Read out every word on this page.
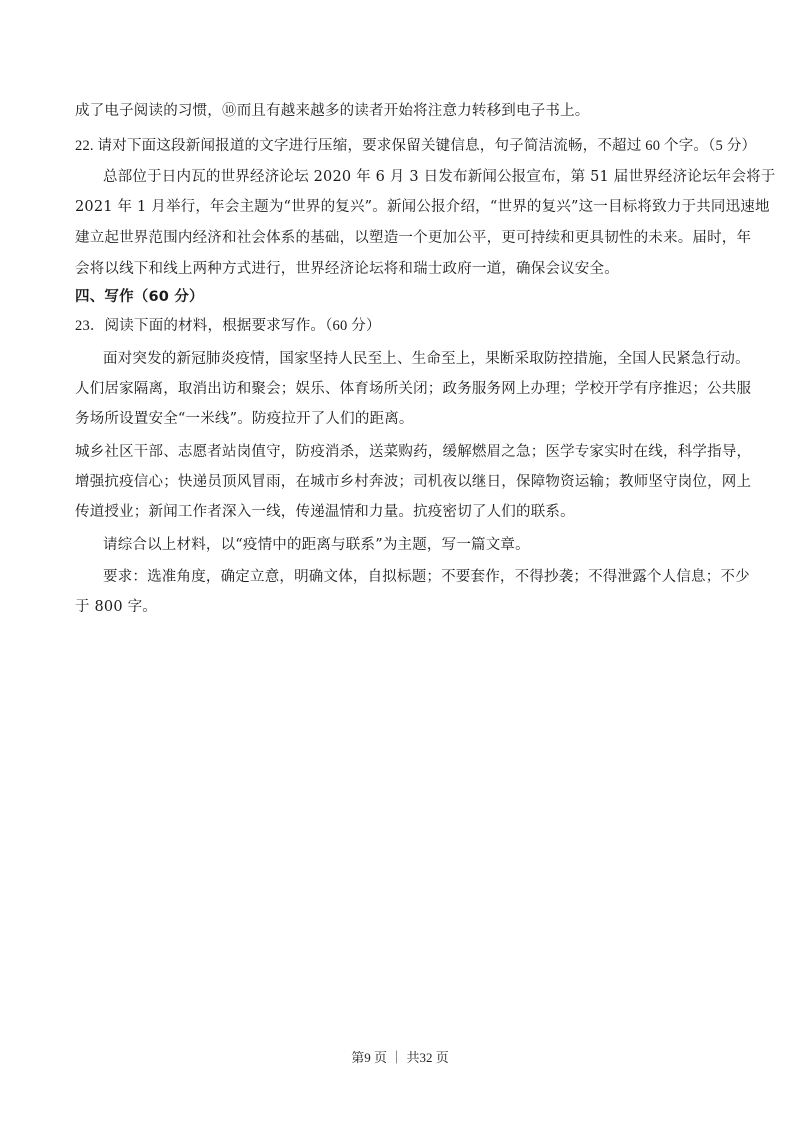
成了电子阅读的习惯，⑩而且有越来越多的读者开始将注意力转移到电子书上。
22. 请对下面这段新闻报道的文字进行压缩，要求保留关键信息，句子简洁流畅，不超过 60 个字。（5 分）
总部位于日内瓦的世界经济论坛 2020 年 6 月 3 日发布新闻公报宣布，第 51 届世界经济论坛年会将于
2021 年 1 月举行，年会主题为“世界的复兴”。新闻公报介绍，“世界的复兴”这一目标将致力于共同迅速地
建立起世界范围内经济和社会体系的基础，以塑造一个更加公平，更可持续和更具韧性的未来。届时，年
会将以线下和线上两种方式进行，世界经济论坛将和瑞士政府一道，确保会议安全。
四、写作（60 分）
23．阅读下面的材料，根据要求写作。（60 分）
面对突发的新冠肺炎疫情，国家坚持人民至上、生命至上，果断采取防控措施，全国人民紧急行动。
人们居家隔离，取消出访和聚会；娱乐、体育场所关闭；政务服务网上办理；学校开学有序推迟；公共服
务场所设置安全“一米线”。防疫拉开了人们的距离。
城乡社区干部、志愿者站岗值守，防疫消杀，送菜购药，缓解燃眉之急；医学专家实时在线，科学指导，
增强抗疫信心；快递员顶风冒雨，在城市乡村奔波；司机夜以继日，保障物资运输；教师坚守岗位，网上
传道授业；新闻工作者深入一线，传递温情和力量。抗疫密切了人们的联系。
请综合以上材料，以“疫情中的距离与联系”为主题，写一篇文章。
要求：选准角度，确定立意，明确文体，自拟标题；不要套作，不得抄袭；不得泄露个人信息；不少
于 800 字。
第9 页 ｜ 共32 页
